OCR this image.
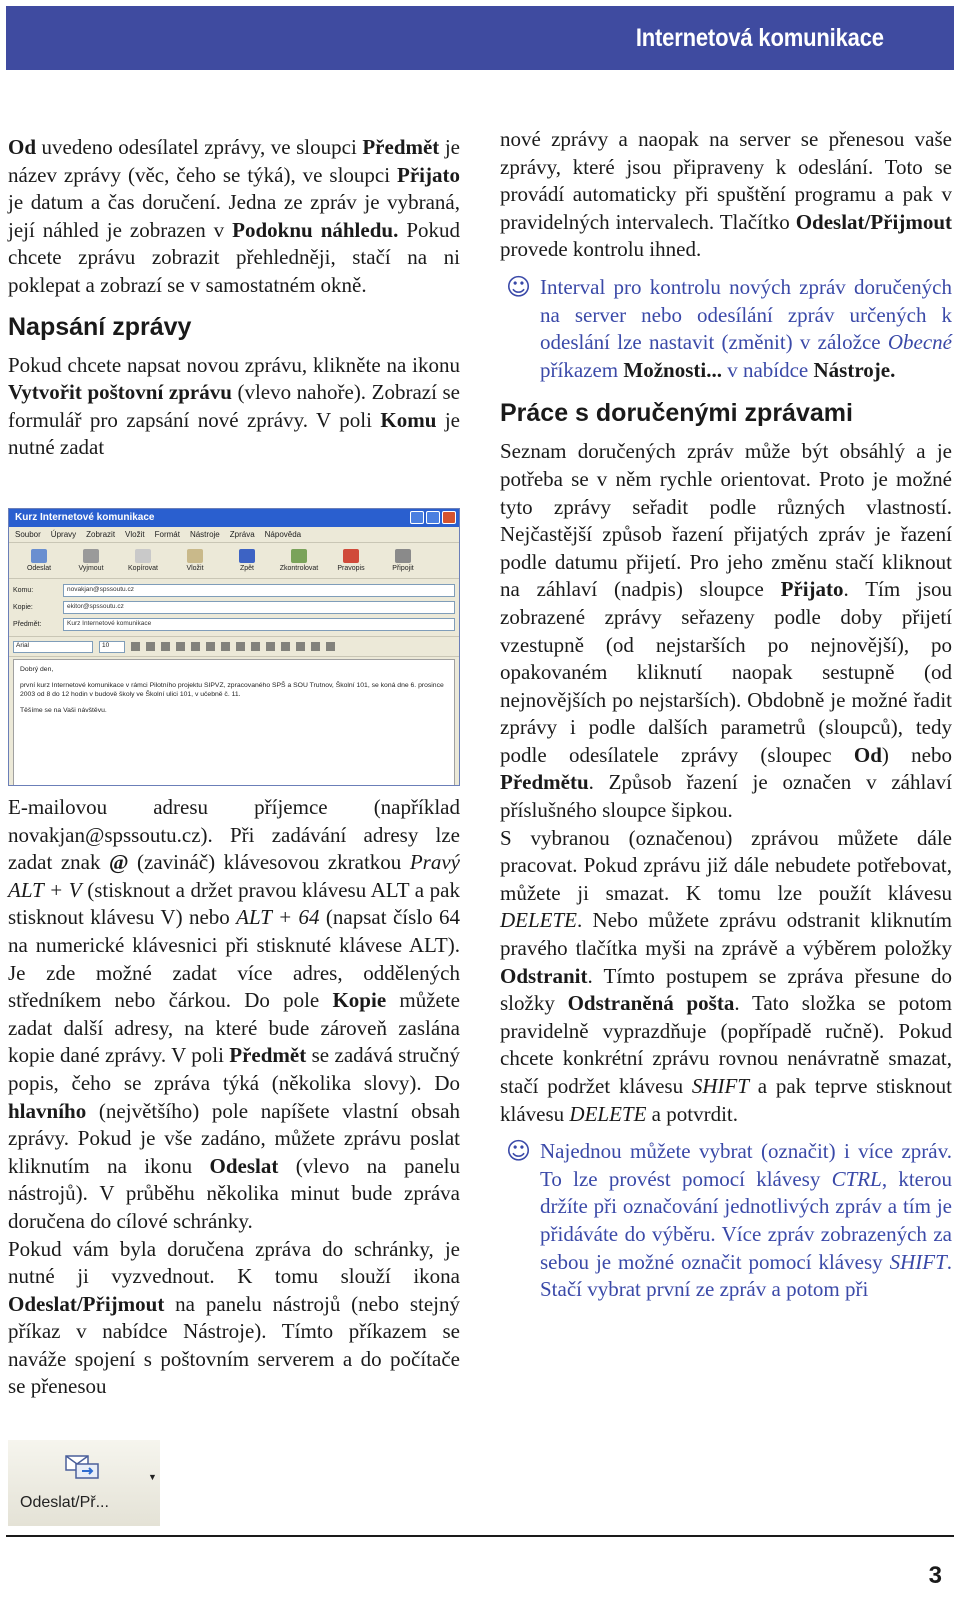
Internetová komunikace

Od uvedeno odesílatel zprávy, ve sloupci Předmět je název zprávy (věc, čeho se týká), ve sloupci Přijato je datum a čas doručení. Jedna ze zpráv je vybraná, její náhled je zobrazen v Podoknu náhledu. Pokud chcete zprávu zobrazit přehledněji, stačí na ni poklepat a zobrazí se v samostatném okně.

Napsání zprávy

Pokud chcete napsat novou zprávu, klikněte na ikonu Vytvořit poštovní zprávu (vlevo nahoře). Zobrazí se formulář pro zapsání nové zprávy. V poli Komu je nutné zadat

Kurz Internetové komunikace
Soubor Úpravy Zobrazit Vložit Formát Nástroje Zpráva Nápověda
Odeslat	Vyjmout	Kopírovat	Vložit	Zpět	Zkontrolovat	Pravopis	Připojit
Komu:	novakjan@spssoutu.cz
Kopie:	ekitor@spssoutu.cz
Předmět:	Kurz Internetové komunikace
Arial	10
Dobrý den,
první kurz Internetové komunikace v rámci Pilotního projektu SIPVZ, zpracovaného SPŠ a SOU Trutnov, Školní 101, se koná dne 6. prosince 2003 od 8 do 12 hodin v budově školy ve Školní ulici 101, v učebně č. 11.
Těšíme se na Vaši návštěvu.

E-mailovou adresu příjemce (například novakjan@spssoutu.cz). Při zadávání adresy lze zadat znak @ (zavináč) klávesovou zkratkou Pravý ALT + V (stisknout a držet pravou klávesu ALT a pak stisknout klávesu V) nebo ALT + 64 (napsat číslo 64 na numerické klávesnici při stisknuté klávese ALT). Je zde možné zadat více adres, oddělených středníkem nebo čárkou. Do pole Kopie můžete zadat další adresy, na které bude zároveň zaslána kopie dané zprávy. V poli Předmět se zadává stručný popis, čeho se zpráva týká (několika slovy). Do hlavního (největšího) pole napíšete vlastní obsah zprávy. Pokud je vše zadáno, můžete zprávu poslat kliknutím na ikonu Odeslat (vlevo na panelu nástrojů). V průběhu několika minut bude zpráva doručena do cílové schránky.

Pokud vám byla doručena zpráva do schránky, je nutné ji vyzvednout. K tomu slouží ikona Odeslat/Přijmout na panelu nástrojů (nebo stejný příkaz v nabídce Nástroje). Tímto příkazem se naváže spojení s poštovním serverem a do počítače se přenesou

Odeslat/Př...
▼

nové zprávy a naopak na server se přenesou vaše zprávy, které jsou připraveny k odeslání. Toto se provádí automaticky při spuštění programu a pak v pravidelných intervalech. Tlačítko Odeslat/Přijmout provede kontrolu ihned.

☺ Interval pro kontrolu nových zpráv doručených na server nebo odesílání zpráv určených k odeslání lze nastavit (změnit) v záložce Obecné příkazem Možnosti... v nabídce Nástroje.
Práce s doručenými zprávami

Seznam doručených zpráv může být obsáhlý a je potřeba se v něm rychle orientovat. Proto je možné tyto zprávy seřadit podle různých vlastností. Nejčastější způsob řazení přijatých zpráv je řazení podle datumu přijetí. Pro jeho změnu stačí kliknout na záhlaví (nadpis) sloupce Přijato. Tím jsou zobrazené zprávy seřazeny podle doby přijetí vzestupně (od nejstarších po nejnovější), po opakovaném kliknutí naopak sestupně (od nejnovějších po nejstarších). Obdobně je možné řadit zprávy i podle dalších parametrů (sloupců), tedy podle odesílatele zprávy (sloupec Od) nebo Předmětu. Způsob řazení je označen v záhlaví příslušného sloupce šipkou.

S vybranou (označenou) zprávou můžete dále pracovat. Pokud zprávu již dále nebudete potřebovat, můžete ji smazat. K tomu lze použít klávesu DELETE. Nebo můžete zprávu odstranit kliknutím pravého tlačítka myši na zprávě a výběrem položky Odstranit. Tímto postupem se zpráva přesune do složky Odstraněná pošta. Tato složka se potom pravidelně vyprazdňuje (popřípadě ručně). Pokud chcete konkrétní zprávu rovnou nenávratně smazat, stačí podržet klávesu SHIFT a pak teprve stisknout klávesu DELETE a potvrdit.

☺ Najednou můžete vybrat (označit) i více zpráv. To lze provést pomocí klávesy CTRL, kterou držíte při označování jednotlivých zpráv a tím je přidáváte do výběru. Více zpráv zobrazených za sebou je možné označit pomocí klávesy SHIFT. Stačí vybrat první ze zpráv a potom při
3
